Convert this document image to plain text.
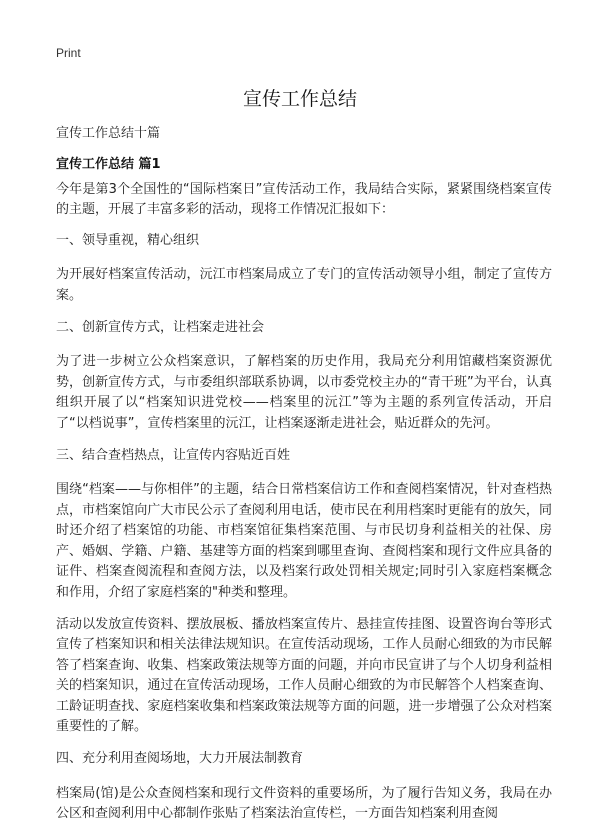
Print
宣传工作总结
宣传工作总结十篇
宣传工作总结 篇1

今年是第3个全国性的“国际档案日”宣传活动工作，我局结合实际，紧紧围绕档案宣传的主题，开展了丰富多彩的活动，现将工作情况汇报如下：

一、领导重视，精心组织

为开展好档案宣传活动，沅江市档案局成立了专门的宣传活动领导小组，制定了宣传方案。

二、创新宣传方式，让档案走进社会

为了进一步树立公众档案意识，了解档案的历史作用，我局充分利用馆藏档案资源优势，创新宣传方式，与市委组织部联系协调，以市委党校主办的“青干班”为平台，认真组织开展了以“档案知识进党校——档案里的沅江”等为主题的系列宣传活动，开启了“以档说事”，宣传档案里的沅江，让档案逐渐走进社会，贴近群众的先河。

三、结合查档热点，让宣传内容贴近百姓

围绕“档案——与你相伴”的主题，结合日常档案信访工作和查阅档案情况，针对查档热点，市档案馆向广大市民公示了查阅利用电话，使市民在利用档案时更能有的放矢，同时还介绍了档案馆的功能、市档案馆征集档案范围、与市民切身利益相关的社保、房产、婚姻、学籍、户籍、基建等方面的档案到哪里查询、查阅档案和现行文件应具备的证件、档案查阅流程和查阅方法，以及档案行政处罚相关规定;同时引入家庭档案概念和作用，介绍了家庭档案的"种类和整理。

活动以发放宣传资料、摆放展板、播放档案宣传片、悬挂宣传挂图、设置咨询台等形式宣传了档案知识和相关法律法规知识。在宣传活动现场，工作人员耐心细致的为市民解答了档案查询、收集、档案政策法规等方面的问题，并向市民宣讲了与个人切身利益相关的档案知识，通过在宣传活动现场，工作人员耐心细致的为市民解答个人档案查询、工龄证明查找、家庭档案收集和档案政策法规等方面的问题，进一步增强了公众对档案重要性的了解。

四、充分利用查阅场地，大力开展法制教育

档案局(馆)是公众查阅档案和现行文件资料的重要场所，为了履行告知义务，我局在办公区和查阅利用中心都制作张贴了档案法治宣传栏，一方面告知档案利用查阅
